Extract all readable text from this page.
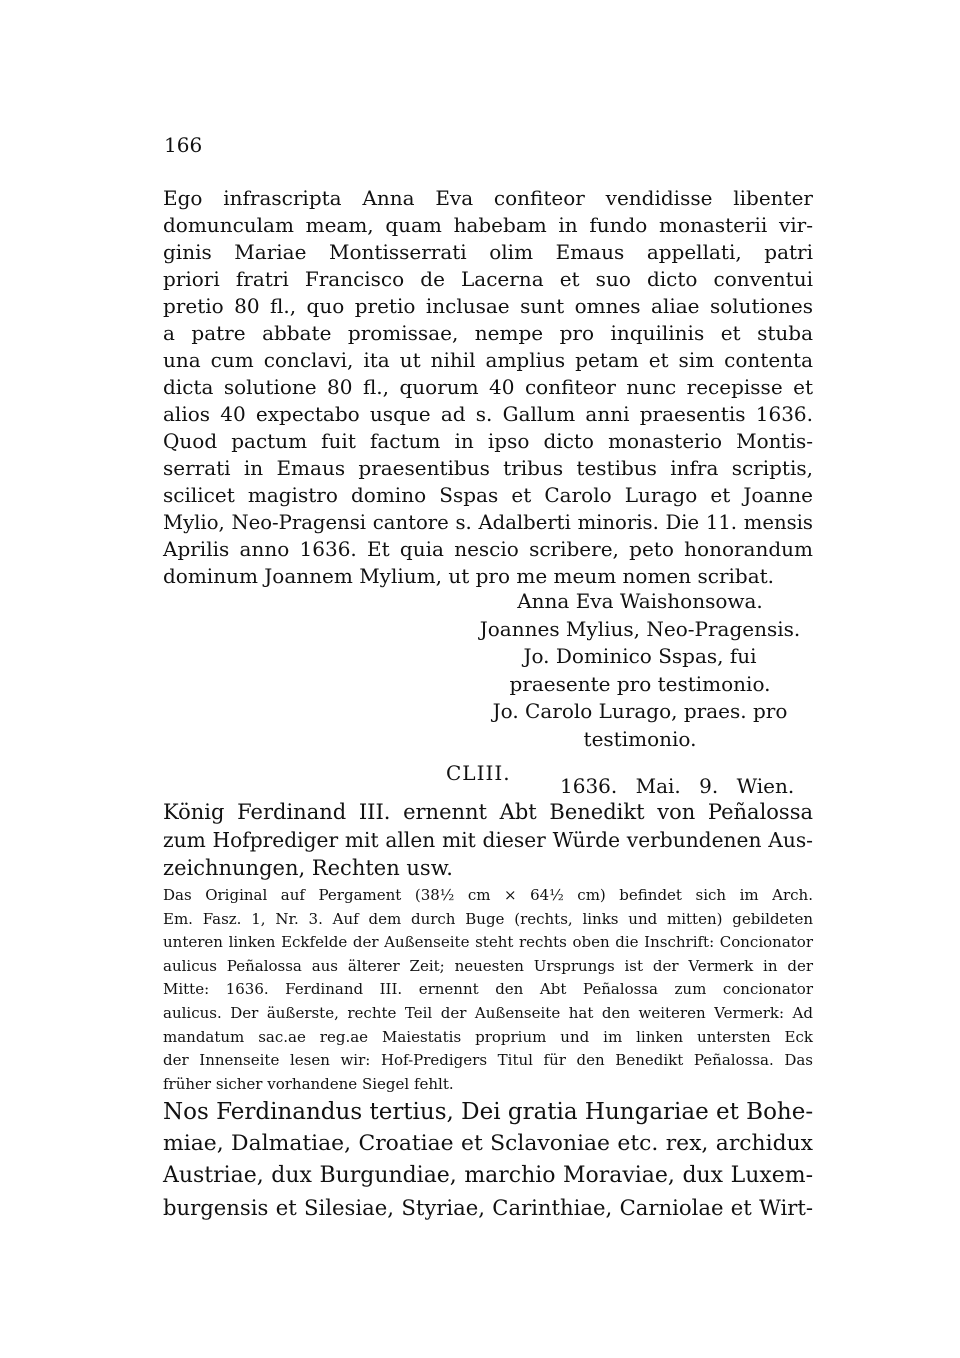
166
Ego infrascripta Anna Eva confiteor vendidisse libenter
domunculam meam, quam habebam in fundo monasterii vir-
ginis Mariae Montisserrati olim Emaus appellati, patri
priori fratri Francisco de Lacerna et suo dicto conventui
pretio 80 fl., quo pretio inclusae sunt omnes aliae solutiones
a patre abbate promissae, nempe pro inquilinis et stuba
una cum conclavi, ita ut nihil amplius petam et sim contenta
dicta solutione 80 fl., quorum 40 confiteor nunc recepisse et
alios 40 expectabo usque ad s. Gallum anni praesentis 1636.
Quod pactum fuit factum in ipso dicto monasterio Montis-
serrati in Emaus praesentibus tribus testibus infra scriptis,
scilicet magistro domino Sspas et Carolo Lurago et Joanne
Mylio, Neo-Pragensi cantore s. Adalberti minoris. Die 11. mensis
Aprilis anno 1636. Et quia nescio scribere, peto honorandum
dominum Joannem Mylium, ut pro me meum nomen scribat.
Anna Eva Waishonsowa.
Joannes Mylius, Neo-Pragensis.
Jo. Dominico Sspas, fui
praesente pro testimonio.
Jo. Carolo Lurago, praes. pro
testimonio.
CLIII.
1636. Mai. 9. Wien.
König Ferdinand III. ernennt Abt Benedikt von Peñalossa
zum Hofprediger mit allen mit dieser Würde verbundenen Aus-
zeichnungen, Rechten usw.
Das Original auf Pergament (38½ cm × 64½ cm) befindet sich im Arch.
Em. Fasz. 1, Nr. 3. Auf dem durch Buge (rechts, links und mitten) gebildeten
unteren linken Eckfelde der Außenseite steht rechts oben die Inschrift: Concionator
aulicus Peñalossa aus älterer Zeit; neuesten Ursprungs ist der Vermerk in der
Mitte: 1636. Ferdinand III. ernennt den Abt Peñalossa zum concionator
aulicus. Der äußerste, rechte Teil der Außenseite hat den weiteren Vermerk: Ad
mandatum sac.ae reg.ae Maiestatis proprium und im linken untersten Eck
der Innenseite lesen wir: Hof-Predigers Titul für den Benedikt Peñalossa. Das
früher sicher vorhandene Siegel fehlt.
Nos Ferdinandus tertius, Dei gratia Hungariae et Bohe-
miae, Dalmatiae, Croatiae et Sclavoniae etc. rex, archidux
Austriae, dux Burgundiae, marchio Moraviae, dux Luxem-
burgensis et Silesiae, Styriae, Carinthiae, Carniolae et Wirt-
